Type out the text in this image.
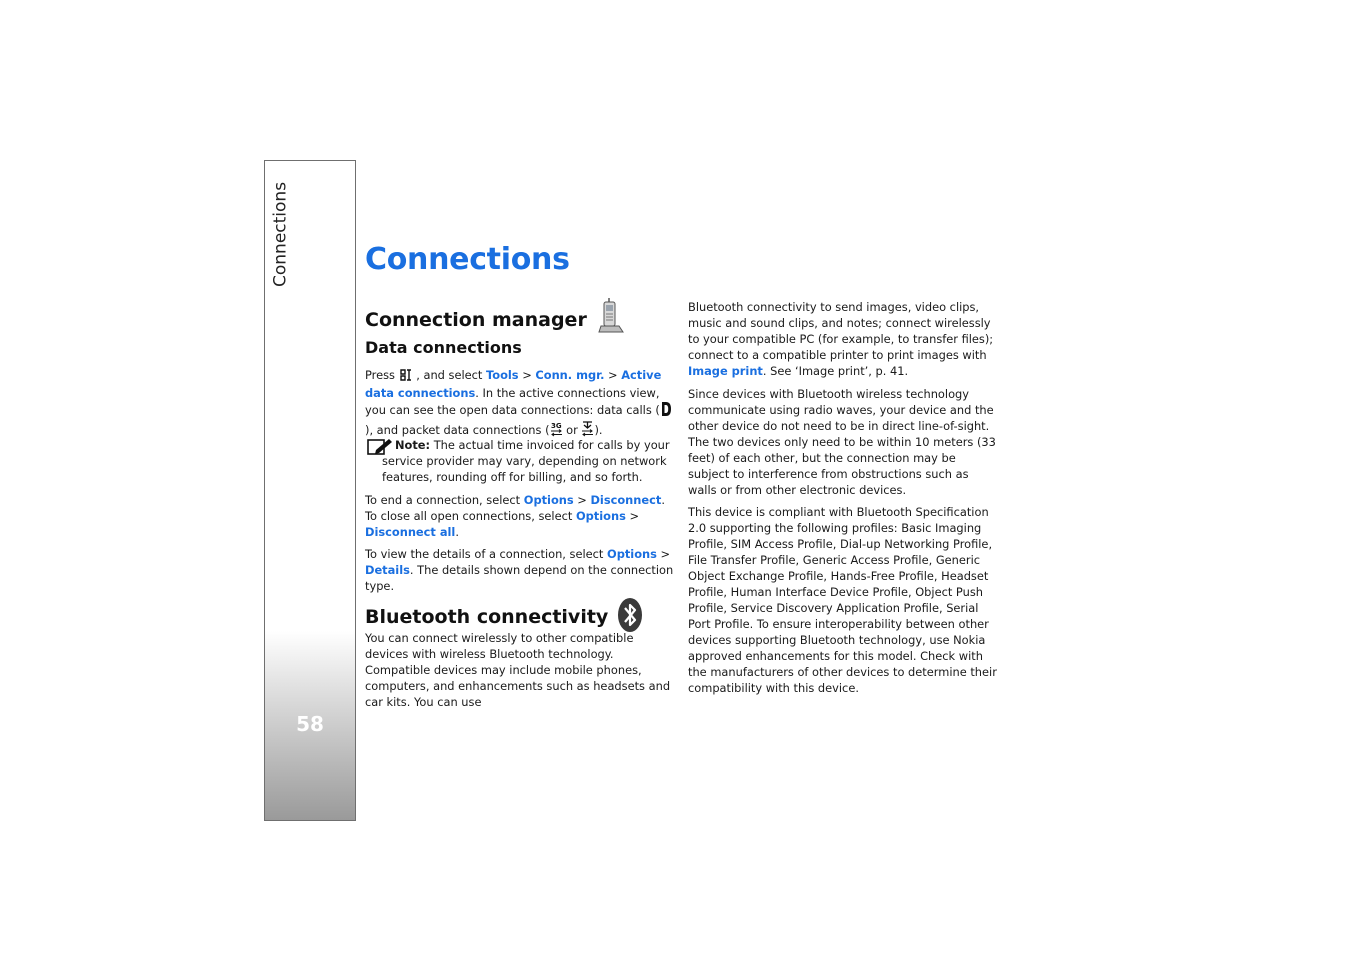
Connections
58
Connections
Connection manager
Data connections

Press  , and select Tools > Conn. mgr. > Active data connections. In the active connections view, you can see the open data connections: data calls (), and packet data connections ( 3G or ).

Note: The actual time invoiced for calls by your service provider may vary, depending on network features, rounding off for billing, and so forth.

To end a connection, select Options > Disconnect. To close all open connections, select Options > Disconnect all.

To view the details of a connection, select Options > Details. The details shown depend on the connection type.

Bluetooth connectivity

You can connect wirelessly to other compatible devices with wireless Bluetooth technology. Compatible devices may include mobile phones, computers, and enhancements such as headsets and car kits. You can use

Bluetooth connectivity to send images, video clips, music and sound clips, and notes; connect wirelessly to your compatible PC (for example, to transfer files); connect to a compatible printer to print images with Image print. See ‘Image print’, p. 41.

Since devices with Bluetooth wireless technology communicate using radio waves, your device and the other device do not need to be in direct line-of-sight. The two devices only need to be within 10 meters (33 feet) of each other, but the connection may be subject to interference from obstructions such as walls or from other electronic devices.

This device is compliant with Bluetooth Specification 2.0 supporting the following profiles: Basic Imaging Profile, SIM Access Profile, Dial-up Networking Profile, File Transfer Profile, Generic Access Profile, Generic Object Exchange Profile, Hands-Free Profile, Headset Profile, Human Interface Device Profile, Object Push Profile, Service Discovery Application Profile, Serial Port Profile. To ensure interoperability between other devices supporting Bluetooth technology, use Nokia approved enhancements for this model. Check with the manufacturers of other devices to determine their compatibility with this device.
